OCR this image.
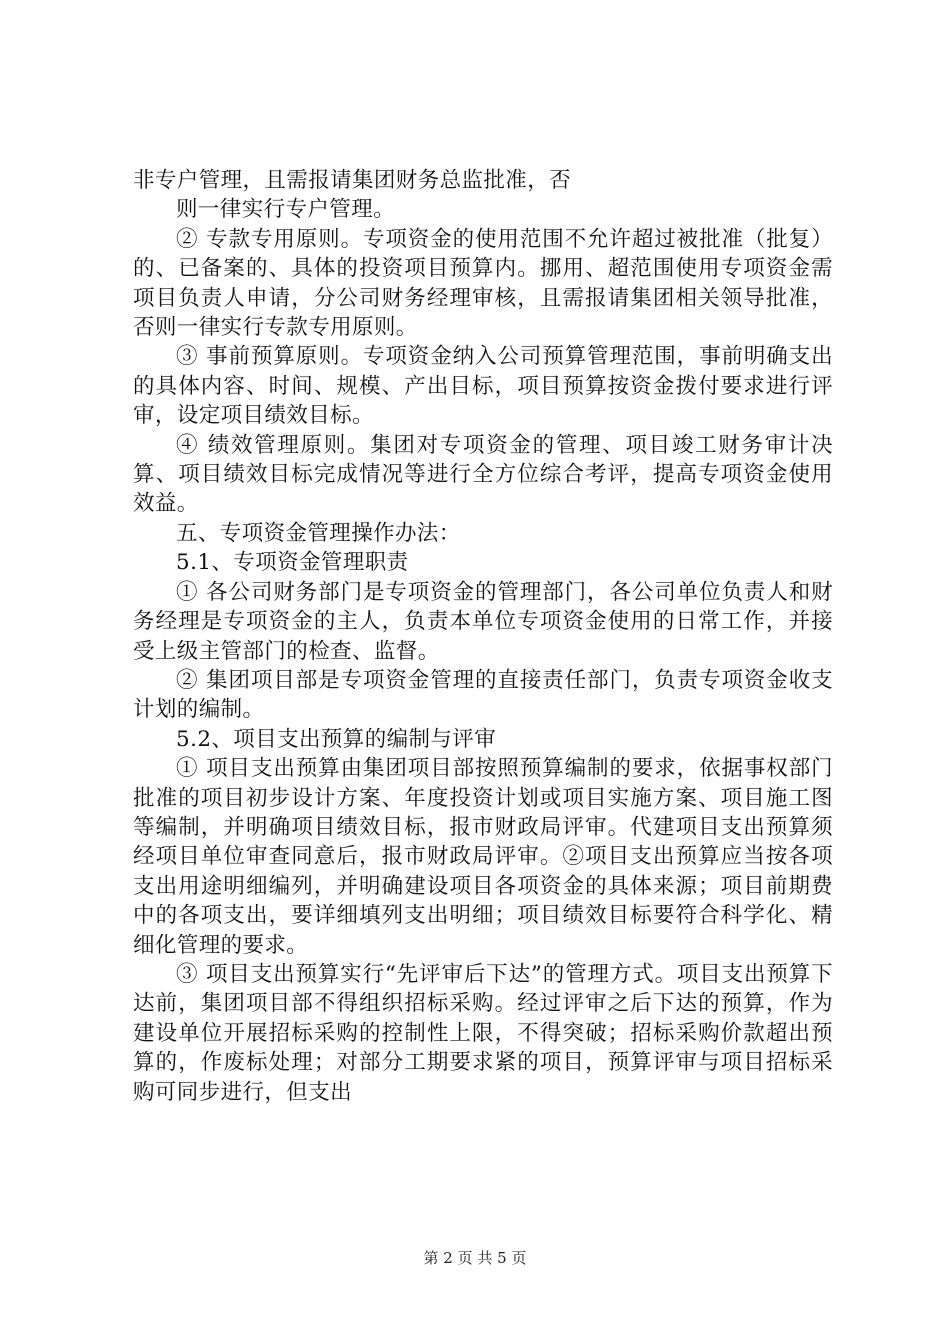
非专户管理，且需报请集团财务总监批准，否

则一律实行专户管理。

② 专款专用原则。专项资金的使用范围不允许超过被批准（批复）的、已备案的、具体的投资项目预算内。挪用、超范围使用专项资金需项目负责人申请，分公司财务经理审核，且需报请集团相关领导批准，否则一律实行专款专用原则。

③ 事前预算原则。专项资金纳入公司预算管理范围，事前明确支出的具体内容、时间、规模、产出目标，项目预算按资金拨付要求进行评审，设定项目绩效目标。

④ 绩效管理原则。集团对专项资金的管理、项目竣工财务审计决算、项目绩效目标完成情况等进行全方位综合考评，提高专项资金使用效益。

五、专项资金管理操作办法：

5.1、专项资金管理职责

① 各公司财务部门是专项资金的管理部门，各公司单位负责人和财务经理是专项资金的主人，负责本单位专项资金使用的日常工作，并接受上级主管部门的检查、监督。

② 集团项目部是专项资金管理的直接责任部门，负责专项资金收支计划的编制。

5.2、项目支出预算的编制与评审

① 项目支出预算由集团项目部按照预算编制的要求，依据事权部门批准的项目初步设计方案、年度投资计划或项目实施方案、项目施工图等编制，并明确项目绩效目标，报市财政局评审。代建项目支出预算须经项目单位审查同意后，报市财政局评审。②项目支出预算应当按各项支出用途明细编列，并明确建设项目各项资金的具体来源；项目前期费中的各项支出，要详细填列支出明细；项目绩效目标要符合科学化、精细化管理的要求。

③ 项目支出预算实行“先评审后下达”的管理方式。项目支出预算下达前，集团项目部不得组织招标采购。经过评审之后下达的预算，作为建设单位开展招标采购的控制性上限，不得突破；招标采购价款超出预算的，作废标处理；对部分工期要求紧的项目，预算评审与项目招标采购可同步进行，但支出

第 2 页 共 5 页
